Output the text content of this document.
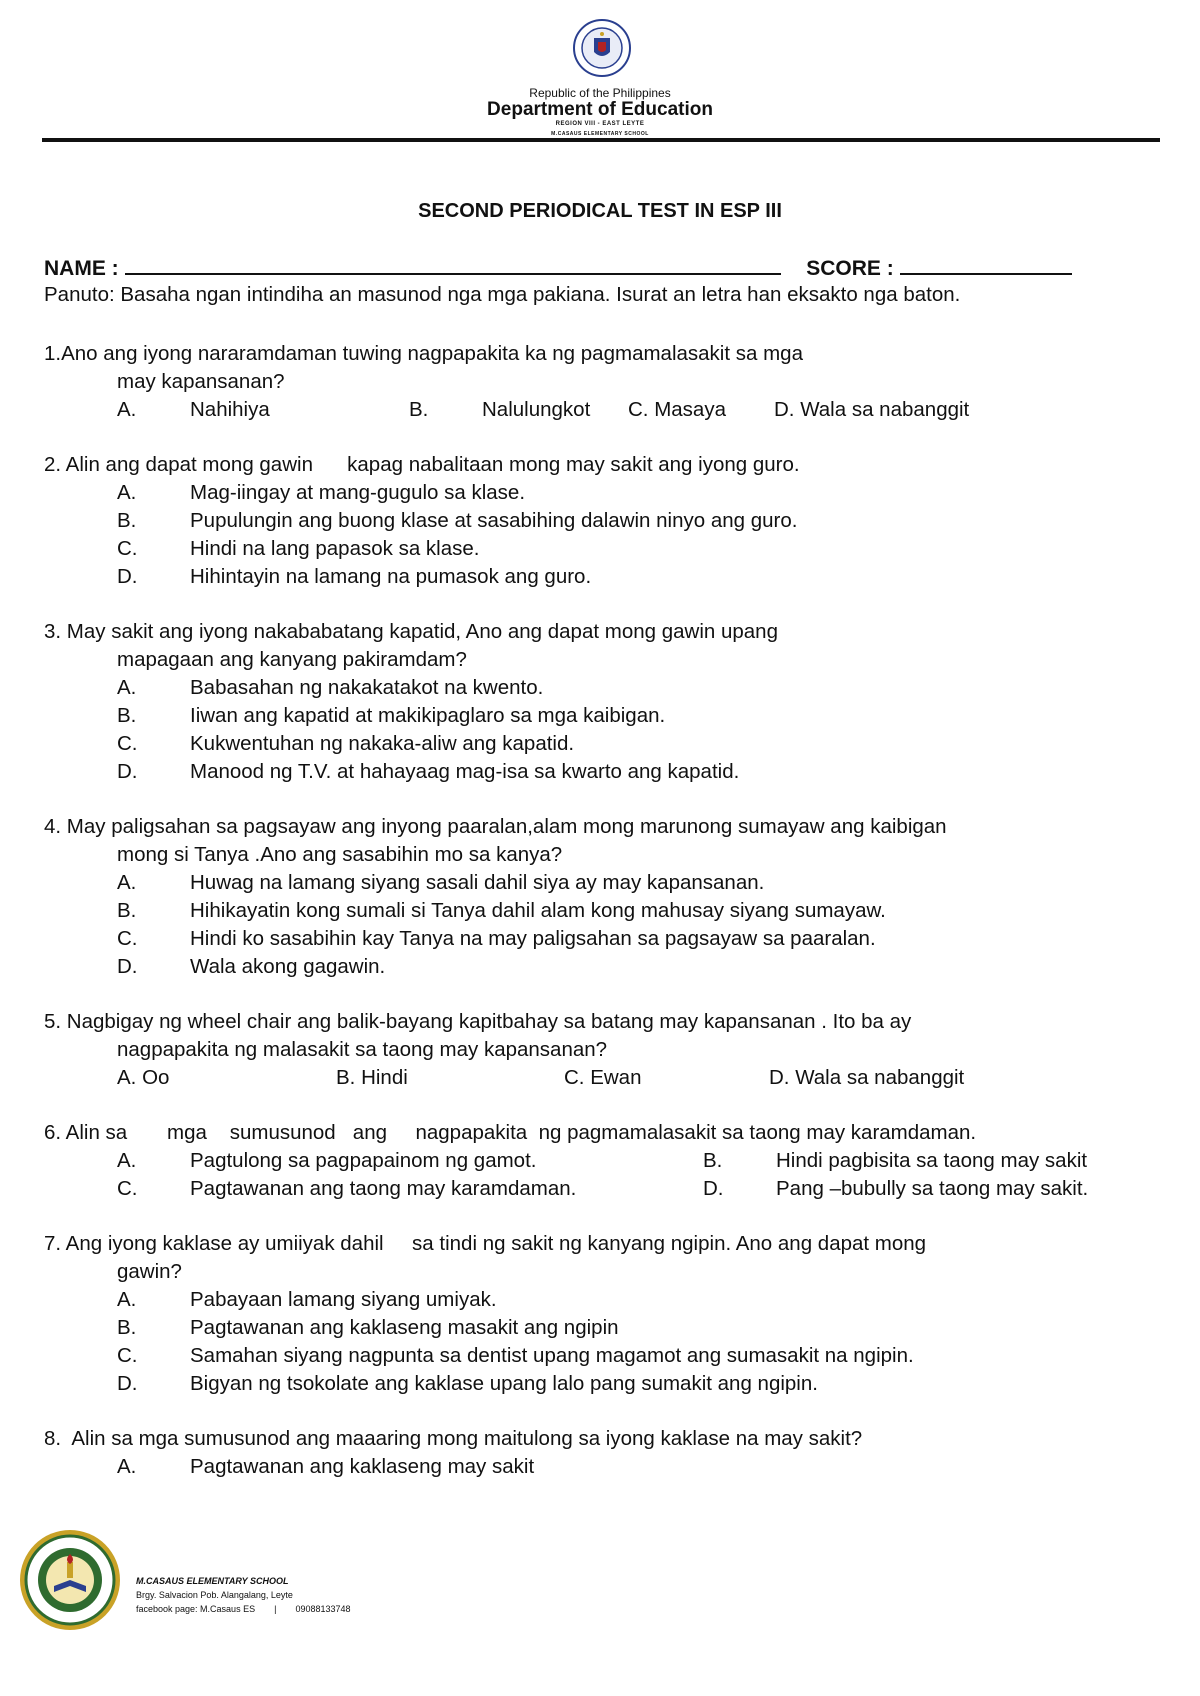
Republic of the Philippines
Department of Education
REGION VIII - EAST LEYTE
M.CASAUS ELEMENTARY SCHOOL
SECOND PERIODICAL TEST IN ESP III
NAME :	SCORE :
Panuto: Basaha ngan intindiha an masunod nga mga pakiana. Isurat an letra han eksakto nga baton.
1.Ano ang iyong nararamdaman tuwing nagpapakita ka ng pagmamalasakit sa mga
may kapansanan?
A.	Nahihiya	B.	Nalulungkot	C. Masaya	D. Wala sa nabanggit
2. Alin ang dapat mong gawin      kapag nabalitaan mong may sakit ang iyong guro.
A.	Mag-iingay at mang-gugulo sa klase.
B.	Pupulungin ang buong klase at sasabihing dalawin ninyo ang guro.
C.	Hindi na lang papasok sa klase.
D.	Hihintayin na lamang na pumasok ang guro.
3. May sakit ang iyong nakababatang kapatid, Ano ang dapat mong gawin upang
mapagaan ang kanyang pakiramdam?
A.	Babasahan ng nakakatakot na kwento.
B.	Iiwan ang kapatid at makikipaglaro sa mga kaibigan.
C.	Kukwentuhan ng nakaka-aliw ang kapatid.
D.	Manood ng T.V. at hahayaag mag-isa sa kwarto ang kapatid.
4. May paligsahan sa pagsayaw ang inyong paaralan,alam mong marunong sumayaw ang kaibigan
mong si Tanya .Ano ang sasabihin mo sa kanya?
A.	Huwag na lamang siyang sasali dahil siya ay may kapansanan.
B.	Hihikayatin kong sumali si Tanya dahil alam kong mahusay siyang sumayaw.
C.	Hindi ko sasabihin kay Tanya na may paligsahan sa pagsayaw sa paaralan.
D.	Wala akong gagawin.
5. Nagbigay ng wheel chair ang balik-bayang kapitbahay sa batang may kapansanan . Ito ba ay
nagpapakita ng malasakit sa taong may kapansanan?
A. Oo	B. Hindi	C. Ewan	D. Wala sa nabanggit
6. Alin sa       mga    sumusunod   ang     nagpapakita  ng pagmamalasakit sa taong may karamdaman.
A.	Pagtulong sa pagpapainom ng gamot.	B.	Hindi pagbisita sa taong may sakit
C.	Pagtawanan ang taong may karamdaman.	D.	Pang –bubully sa taong may sakit.
7. Ang iyong kaklase ay umiiyak dahil     sa tindi ng sakit ng kanyang ngipin. Ano ang dapat mong
gawin?
A.	Pabayaan lamang siyang umiyak.
B.	Pagtawanan ang kaklaseng masakit ang ngipin
C.	Samahan siyang nagpunta sa dentist upang magamot ang sumasakit na ngipin.
D.	Bigyan ng tsokolate ang kaklase upang lalo pang sumakit ang ngipin.
8.  Alin sa mga sumusunod ang maaaring mong maitulong sa iyong kaklase na may sakit?
A.	Pagtawanan ang kaklaseng may sakit
M.CASAUS ELEMENTARY SCHOOL
Brgy. Salvacion Pob. Alangalang, Leyte
facebook page: M.Casaus ES | 09088133748
